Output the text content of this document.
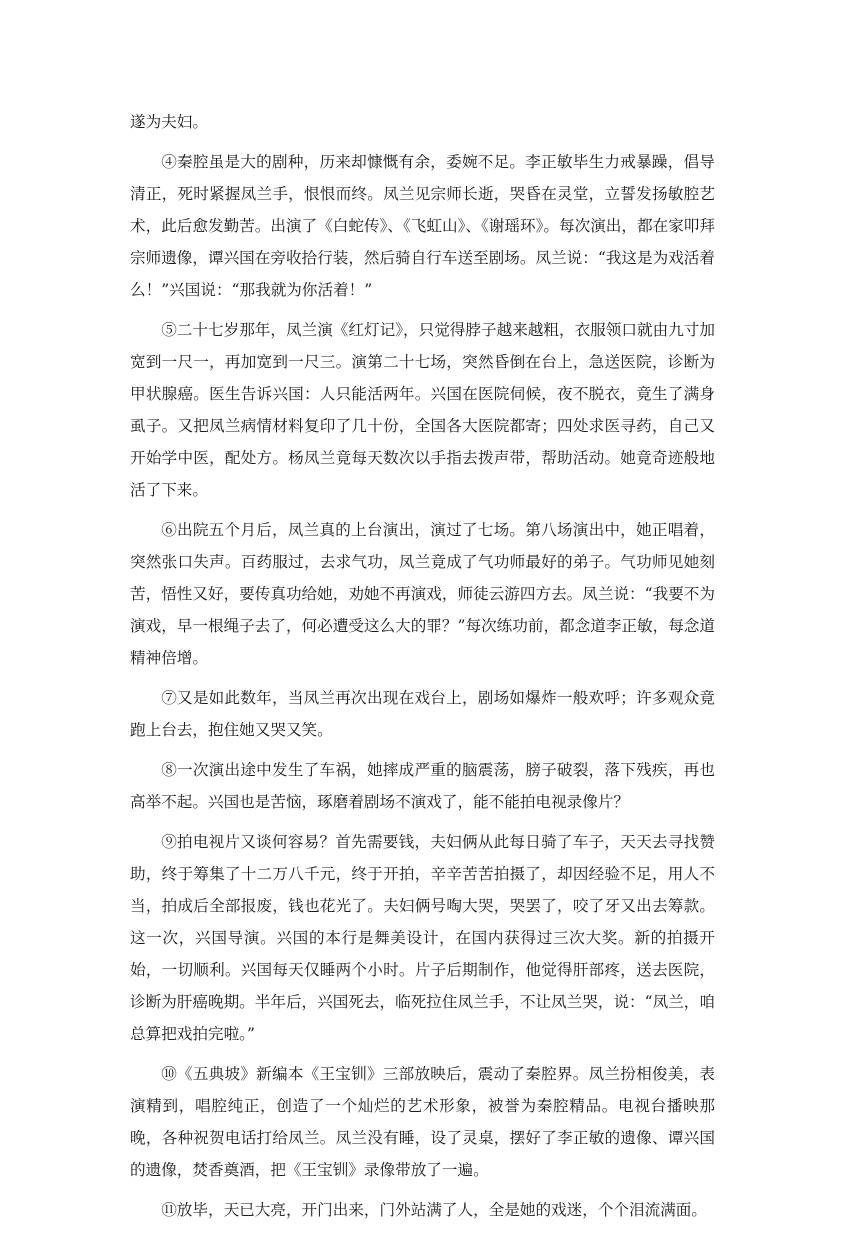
遂为夫妇。

④秦腔虽是大的剧种，历来却慷慨有余，委婉不足。李正敏毕生力戒暴躁，倡导清正，死时紧握凤兰手，恨恨而终。凤兰见宗师长逝，哭昏在灵堂，立誓发扬敏腔艺术，此后愈发勤苦。出演了《白蛇传》、《飞虹山》、《谢瑶环》。每次演出，都在家叩拜宗师遗像，谭兴国在旁收拾行装，然后骑自行车送至剧场。凤兰说：“我这是为戏活着么！”兴国说：“那我就为你活着！”

⑤二十七岁那年，凤兰演《红灯记》，只觉得脖子越来越粗，衣服领口就由九寸加宽到一尺一，再加宽到一尺三。演第二十七场，突然昏倒在台上，急送医院，诊断为甲状腺癌。医生告诉兴国：人只能活两年。兴国在医院伺候，夜不脱衣，竟生了满身虱子。又把凤兰病情材料复印了几十份，全国各大医院都寄；四处求医寻药，自己又开始学中医，配处方。杨凤兰竟每天数次以手指去拨声带，帮助活动。她竟奇迹般地活了下来。

⑥出院五个月后，凤兰真的上台演出，演过了七场。第八场演出中，她正唱着，突然张口失声。百药服过，去求气功，凤兰竟成了气功师最好的弟子。气功师见她刻苦，悟性又好，要传真功给她，劝她不再演戏，师徒云游四方去。凤兰说：“我要不为演戏，早一根绳子去了，何必遭受这么大的罪？”每次练功前，都念道李正敏，每念道精神倍增。

⑦又是如此数年，当凤兰再次出现在戏台上，剧场如爆炸一般欢呼；许多观众竟跑上台去，抱住她又哭又笑。

⑧一次演出途中发生了车祸，她摔成严重的脑震荡，膀子破裂，落下残疾，再也高举不起。兴国也是苦恼，琢磨着剧场不演戏了，能不能拍电视录像片？

⑨拍电视片又谈何容易？首先需要钱，夫妇俩从此每日骑了车子，天天去寻找赞助，终于筹集了十二万八千元，终于开拍，辛辛苦苦拍摄了，却因经验不足，用人不当，拍成后全部报废，钱也花光了。夫妇俩号啕大哭，哭罢了，咬了牙又出去筹款。这一次，兴国导演。兴国的本行是舞美设计，在国内获得过三次大奖。新的拍摄开始，一切顺利。兴国每天仅睡两个小时。片子后期制作，他觉得肝部疼，送去医院，诊断为肝癌晚期。半年后，兴国死去，临死拉住凤兰手，不让凤兰哭，说：“凤兰，咱总算把戏拍完啦。”

⑩《五典坡》新编本《王宝钏》三部放映后，震动了秦腔界。凤兰扮相俊美，表演精到，唱腔纯正，创造了一个灿烂的艺术形象，被誉为秦腔精品。电视台播映那晚，各种祝贺电话打给凤兰。凤兰没有睡，设了灵桌，摆好了李正敏的遗像、谭兴国的遗像，焚香奠酒，把《王宝钏》录像带放了一遍。

⑪放毕，天已大亮，开门出来，门外站满了人，全是她的戏迷，个个泪流满面。
